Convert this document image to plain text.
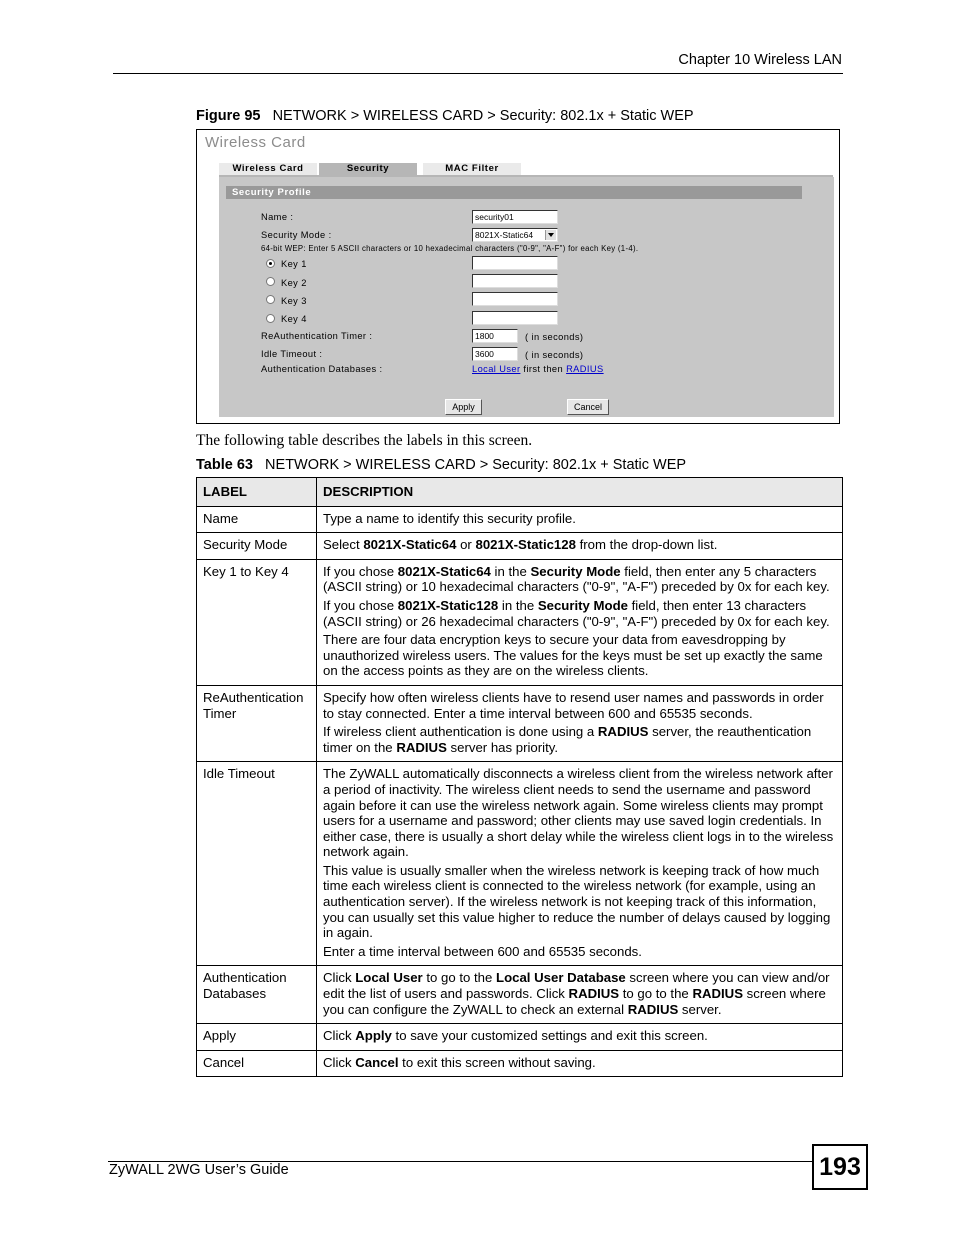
Chapter 10 Wireless LAN
Figure 95 NETWORK > WIRELESS CARD > Security: 802.1x + Static WEP
Wireless Card
Wireless Card	Security	MAC Filter
Security Profile
Name :	security01
Security Mode :	8021X-Static64
64-bit WEP: Enter 5 ASCII characters or 10 hexadecimal characters ("0-9", "A-F") for each Key (1-4).
Key 1
Key 2
Key 3
Key 4
ReAuthentication Timer :	1800	( in seconds)
Idle Timeout :	3600	( in seconds)
Authentication Databases :	Local User first then RADIUS
Apply	Cancel
The following table describes the labels in this screen.
Table 63 NETWORK > WIRELESS CARD > Security: 802.1x + Static WEP
LABEL	DESCRIPTION
Name	Type a name to identify this security profile.

Security Mode	Select 8021X-Static64 or 8021X-Static128 from the drop-down list.

Key 1 to Key 4	If you chose 8021X-Static64 in the Security Mode field, then enter any 5 characters (ASCII string) or 10 hexadecimal characters ("0-9", "A-F") preceded by 0x for each key.

If you chose 8021X-Static128 in the Security Mode field, then enter 13 characters (ASCII string) or 26 hexadecimal characters ("0-9", "A-F") preceded by 0x for each key.

There are four data encryption keys to secure your data from eavesdropping by unauthorized wireless users. The values for the keys must be set up exactly the same on the access points as they are on the wireless clients.

ReAuthentication Timer	Specify how often wireless clients have to resend user names and passwords in order to stay connected. Enter a time interval between 600 and 65535 seconds.

If wireless client authentication is done using a RADIUS server, the reauthentication timer on the RADIUS server has priority.

Idle Timeout	The ZyWALL automatically disconnects a wireless client from the wireless network after a period of inactivity. The wireless client needs to send the username and password again before it can use the wireless network again. Some wireless clients may prompt users for a username and password; other clients may use saved login credentials. In either case, there is usually a short delay while the wireless client logs in to the wireless network again.

This value is usually smaller when the wireless network is keeping track of how much time each wireless client is connected to the wireless network (for example, using an authentication server). If the wireless network is not keeping track of this information, you can usually set this value higher to reduce the number of delays caused by logging in again.

Enter a time interval between 600 and 65535 seconds.

Authentication Databases	Click Local User to go to the Local User Database screen where you can view and/or edit the list of users and passwords. Click RADIUS to go to the RADIUS screen where you can configure the ZyWALL to check an external RADIUS server.

Apply	Click Apply to save your customized settings and exit this screen.

Cancel	Click Cancel to exit this screen without saving.

ZyWALL 2WG User’s Guide	193
